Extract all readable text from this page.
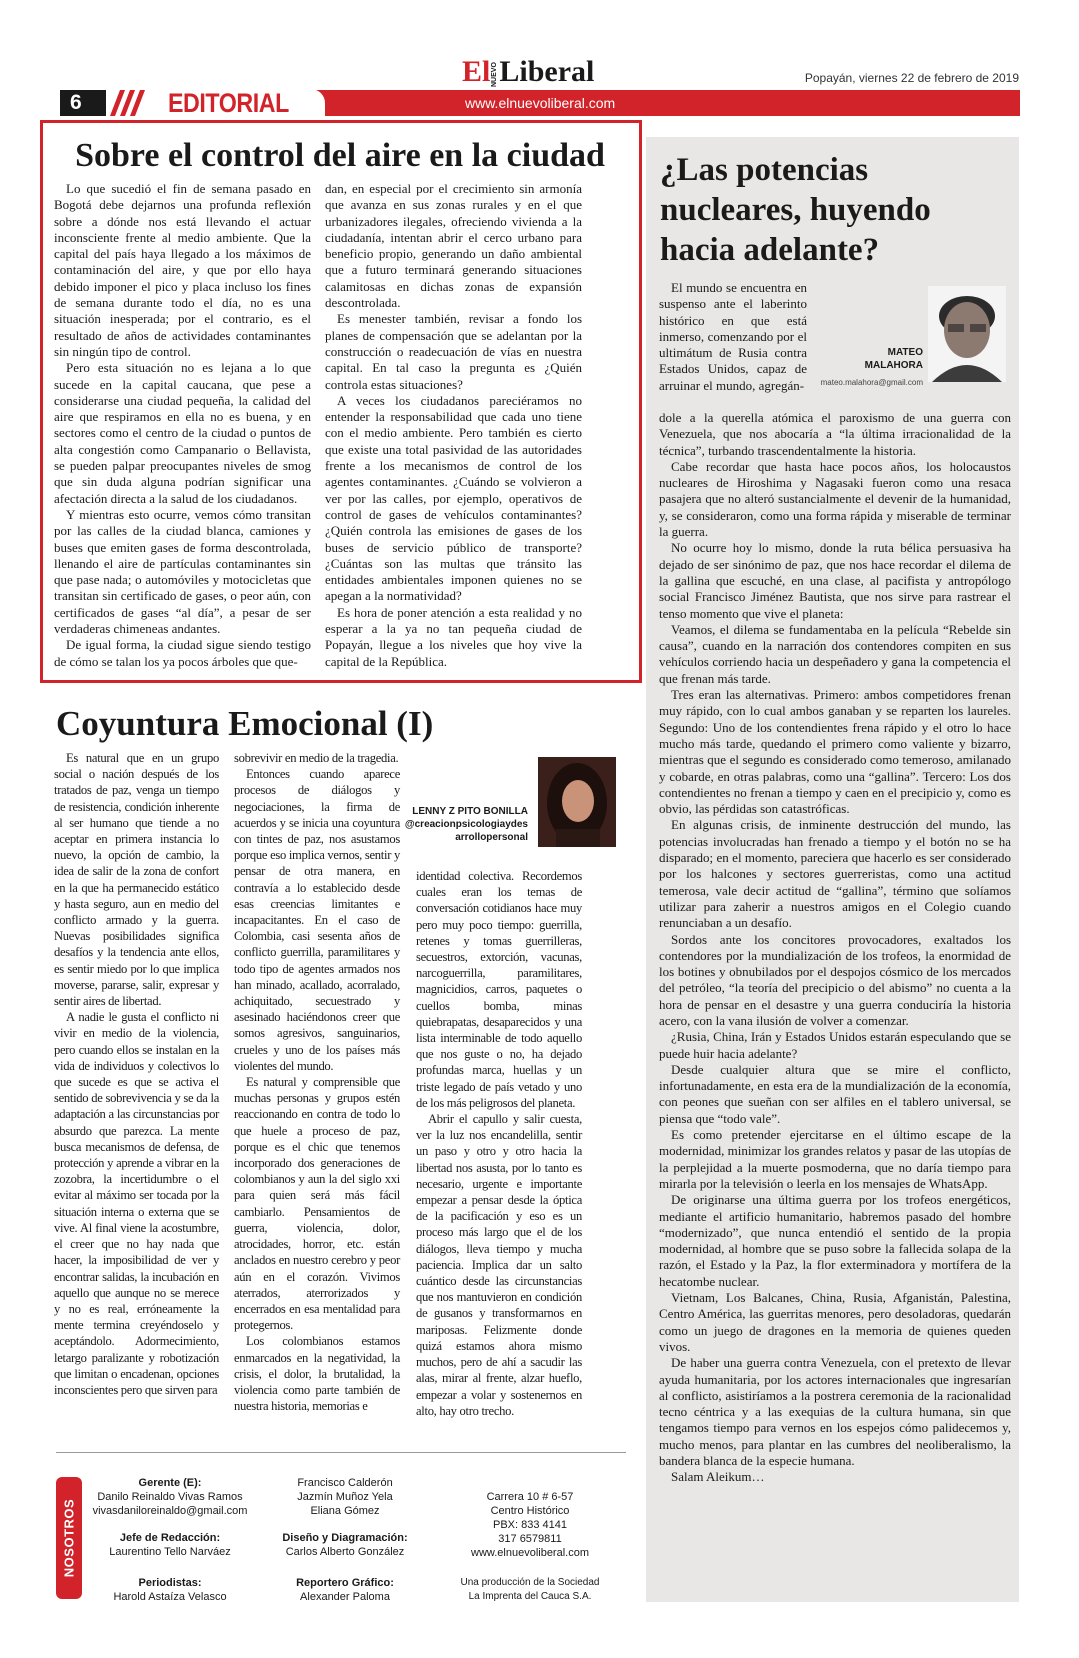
6	EDITORIAL
ElNUEVOLiberal
www.elnuevoliberal.com
Popayán, viernes 22 de febrero de 2019
Sobre el control del aire en la ciudad

Lo que sucedió el fin de semana pasado en Bogotá debe dejarnos una profunda reflexión sobre a dónde nos está llevando el actuar inconsciente frente al medio ambiente. Que la capital del país haya llegado a los máximos de contaminación del aire, y que por ello haya debido imponer el pico y placa incluso los fines de semana durante todo el día, no es una situación inesperada; por el contrario, es el resultado de años de actividades contaminantes sin ningún tipo de control.

Pero esta situación no es lejana a lo que sucede en la capital caucana, que pese a considerarse una ciudad pequeña, la calidad del aire que respiramos en ella no es buena, y en sectores como el centro de la ciudad o puntos de alta congestión como Campanario o Bellavista, se pueden palpar preocupantes niveles de smog que sin duda alguna podrían significar una afectación directa a la salud de los ciudadanos.

Y mientras esto ocurre, vemos cómo transitan por las calles de la ciudad blanca, camiones y buses que emiten gases de forma descontrolada, llenando el aire de partículas contaminantes sin que pase nada; o automóviles y motocicletas que transitan sin certificado de gases, o peor aún, con certificados de gases “al día”, a pesar de ser verdaderas chimeneas andantes.

De igual forma, la ciudad sigue siendo testigo de cómo se talan los ya pocos árboles que que-

dan, en especial por el crecimiento sin armonía que avanza en sus zonas rurales y en el que urbanizadores ilegales, ofreciendo vivienda a la ciudadanía, intentan abrir el cerco urbano para beneficio propio, generando un daño ambiental que a futuro terminará generando situaciones calamitosas en dichas zonas de expansión descontrolada.

Es menester también, revisar a fondo los planes de compensación que se adelantan por la construcción o readecuación de vías en nuestra capital. En tal caso la pregunta es ¿Quién controla estas situaciones?

A veces los ciudadanos pareciéramos no entender la responsabilidad que cada uno tiene con el medio ambiente. Pero también es cierto que existe una total pasividad de las autoridades frente a los mecanismos de control de los agentes contaminantes. ¿Cuándo se volvieron a ver por las calles, por ejemplo, operativos de control de gases de vehículos contaminantes? ¿Quién controla las emisiones de gases de los buses de servicio público de transporte? ¿Cuántas son las multas que tránsito las entidades ambientales imponen quienes no se apegan a la normatividad?

Es hora de poner atención a esta realidad y no esperar a la ya no tan pequeña ciudad de Popayán, llegue a los niveles que hoy vive la capital de la República.

Coyuntura Emocional (I)

Es natural que en un grupo social o nación después de los tratados de paz, venga un tiempo de resistencia, condición inherente al ser humano que tiende a no aceptar en primera instancia lo nuevo, la opción de cambio, la idea de salir de la zona de confort en la que ha permanecido estático y hasta seguro, aun en medio del conflicto armado y la guerra. Nuevas posibilidades significa desafíos y la tendencia ante ellos, es sentir miedo por lo que implica moverse, pararse, salir, expresar y sentir aires de libertad.

A nadie le gusta el conflicto ni vivir en medio de la violencia, pero cuando ellos se instalan en la vida de individuos y colectivos lo que sucede es que se activa el sentido de sobrevivencia y se da la adaptación a las circunstancias por absurdo que parezca. La mente busca mecanismos de defensa, de protección y aprende a vibrar en la zozobra, la incertidumbre o el evitar al máximo ser tocada por la situación interna o externa que se vive. Al final viene la acostumbre, el creer que no hay nada que hacer, la imposibilidad de ver y encontrar salidas, la incubación en aquello que aunque no se merece y no es real, erróneamente la mente termina creyéndoselo y aceptándolo. Adormecimiento, letargo paralizante y robotización que limitan o encadenan, opciones inconscientes pero que sirven para

sobrevivir en medio de la tragedia.

Entonces cuando aparece procesos de diálogos y negociaciones, la firma de acuerdos y se inicia una coyuntura con tintes de paz, nos asustamos porque eso implica vernos, sentir y pensar de otra manera, en contravía a lo establecido desde esas creencias limitantes e incapacitantes. En el caso de Colombia, casi sesenta años de conflicto guerrilla, paramilitares y todo tipo de agentes armados nos han minado, acallado, acorralado, achiquitado, secuestrado y asesinado haciéndonos creer que somos agresivos, sanguinarios, crueles y uno de los países más violentes del mundo.

Es natural y comprensible que muchas personas y grupos estén reaccionando en contra de todo lo que huele a proceso de paz, porque es el chic que tenemos incorporado dos generaciones de colombianos y aun la del siglo xxi para quien será más fácil cambiarlo. Pensamientos de guerra, violencia, dolor, atrocidades, horror, etc. están anclados en nuestro cerebro y peor aún en el corazón. Vivimos aterrados, aterrorizados y encerrados en esa mentalidad para protegernos.

Los colombianos estamos enmarcados en la negatividad, la crisis, el dolor, la brutalidad, la violencia como parte también de nuestra historia, memorias e

LENNY Z PITO BONILLA
@creacionpsicologiaydesarrollopersonal

identidad colectiva. Recordemos cuales eran los temas de conversación cotidianos hace muy pero muy poco tiempo: guerrilla, retenes y tomas guerrilleras, secuestros, extorción, vacunas, narcoguerrilla, paramilitares, magnicidios, carros, paquetes o cuellos bomba, minas quiebrapatas, desaparecidos y una lista interminable de todo aquello que nos guste o no, ha dejado profundas marca, huellas y un triste legado de país vetado y uno de los más peligrosos del planeta.

Abrir el capullo y salir cuesta, ver la luz nos encandelilla, sentir un paso y otro y otro hacia la libertad nos asusta, por lo tanto es necesario, urgente e importante empezar a pensar desde la óptica de la pacificación y eso es un proceso más largo que el de los diálogos, lleva tiempo y mucha paciencia. Implica dar un salto cuántico desde las circunstancias que nos mantuvieron en condición de gusanos y transformarnos en mariposas. Felizmente donde quizá estamos ahora mismo muchos, pero de ahí a sacudir las alas, mirar al frente, alzar hueflo, empezar a volar y sostenernos en alto, hay otro trecho.

¿Las potencias nucleares, huyendo hacia adelante?

El mundo se encuentra en suspenso ante el laberinto histórico en que está inmerso, comenzando por el ultimátum de Rusia contra Estados Unidos, capaz de arruinar el mundo, agregán-

MATEO
MALAHORA
mateo.malahora@gmail.com

dole a la querella atómica el paroxismo de una guerra con Venezuela, que nos abocaría a “la última irracionalidad de la técnica”, turbando trascendentalmente la historia.

Cabe recordar que hasta hace pocos años, los holocaustos nucleares de Hiroshima y Nagasaki fueron como una resaca pasajera que no alteró sustancialmente el devenir de la humanidad, y, se consideraron, como una forma rápida y miserable de terminar la guerra.

No ocurre hoy lo mismo, donde la ruta bélica persuasiva ha dejado de ser sinónimo de paz, que nos hace recordar el dilema de la gallina que escuché, en una clase, al pacifista y antropólogo social Francisco Jiménez Bautista, que nos sirve para rastrear el tenso momento que vive el planeta:

Veamos, el dilema se fundamentaba en la película “Rebelde sin causa”, cuando en la narración dos contendores compiten en sus vehículos corriendo hacia un despeñadero y gana la competencia el que frenan más tarde.

Tres eran las alternativas. Primero: ambos competidores frenan muy rápido, con lo cual ambos ganaban y se reparten los laureles. Segundo: Uno de los contendientes frena rápido y el otro lo hace mucho más tarde, quedando el primero como valiente y bizarro, mientras que el segundo es considerado como temeroso, amilanado y cobarde, en otras palabras, como una “gallina”. Tercero: Los dos contendientes no frenan a tiempo y caen en el precipicio y, como es obvio, las pérdidas son catastróficas.

En algunas crisis, de inminente destrucción del mundo, las potencias involucradas han frenado a tiempo y el botón no se ha disparado; en el momento, pareciera que hacerlo es ser considerado por los halcones y sectores guerreristas, como una actitud temerosa, vale decir actitud de “gallina”, término que solíamos utilizar para zaherir a nuestros amigos en el Colegio cuando renunciaban a un desafío.

Sordos ante los concitores provocadores, exaltados los contendores por la mundialización de los trofeos, la enormidad de los botines y obnubilados por el despojos cósmico de los mercados del petróleo, “la teoría del precipicio o del abismo” no cuenta a la hora de pensar en el desastre y una guerra conduciría la historia acero, con la vana ilusión de volver a comenzar.

¿Rusia, China, Irán y Estados Unidos estarán especulando que se puede huir hacia adelante?

Desde cualquier altura que se mire el conflicto, infortunadamente, en esta era de la mundialización de la economía, con peones que sueñan con ser alfiles en el tablero universal, se piensa que “todo vale”.

Es como pretender ejercitarse en el último escape de la modernidad, minimizar los grandes relatos y pasar de las utopías de la perplejidad a la muerte posmoderna, que no daría tiempo para mirarla por la televisión o leerla en los mensajes de WhatsApp.

De originarse una última guerra por los trofeos energéticos, mediante el artificio humanitario, habremos pasado del hombre “modernizado”, que nunca entendió el sentido de la propia modernidad, al hombre que se puso sobre la fallecida solapa de la razón, el Estado y la Paz, la flor exterminadora y mortífera de la hecatombe nuclear.

Vietnam, Los Balcanes, China, Rusia, Afganistán, Palestina, Centro América, las guerritas menores, pero desoladoras, quedarán como un juego de dragones en la memoria de quienes queden vivos.

De haber una guerra contra Venezuela, con el pretexto de llevar ayuda humanitaria, por los actores internacionales que ingresarían al conflicto, asistiríamos a la postrera ceremonia de la racionalidad tecno céntrica y a las exequias de la cultura humana, sin que tengamos tiempo para vernos en los espejos cómo palidecemos y, mucho menos, para plantar en las cumbres del neoliberalismo, la bandera blanca de la especie humana.

Salam Aleikum…

NOSOTROS
Gerente (E):
Danilo Reinaldo Vivas Ramos
vivasdaniloreinaldo@gmail.com
Jefe de Redacción:
Laurentino Tello Narváez
Periodistas:
Harold Astaíza Velasco
Francisco Calderón
Jazmín Muñoz Yela
Eliana Gómez
Diseño y Diagramación:
Carlos Alberto González
Reportero Gráfico:
Alexander Paloma
Carrera 10 # 6-57
Centro Histórico
PBX: 833 4141
317 6579811
www.elnuevoliberal.com
Una producción de la Sociedad
La Imprenta del Cauca S.A.
